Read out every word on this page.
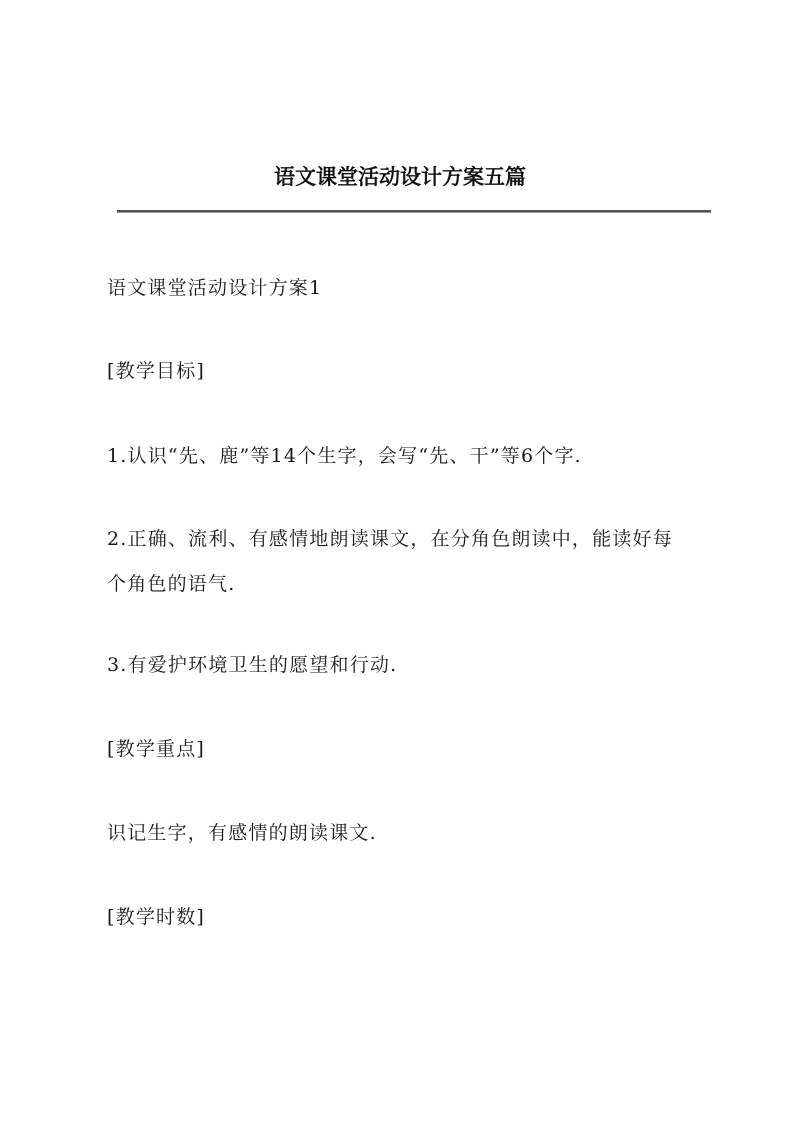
语文课堂活动设计方案五篇
语文课堂活动设计方案1
[教学目标]
1.认识“先、鹿”等14个生字，会写“先、干”等6个字.
2.正确、流利、有感情地朗读课文，在分角色朗读中，能读好每
个角色的语气.
3.有爱护环境卫生的愿望和行动.
[教学重点]
识记生字，有感情的朗读课文.
[教学时数]
